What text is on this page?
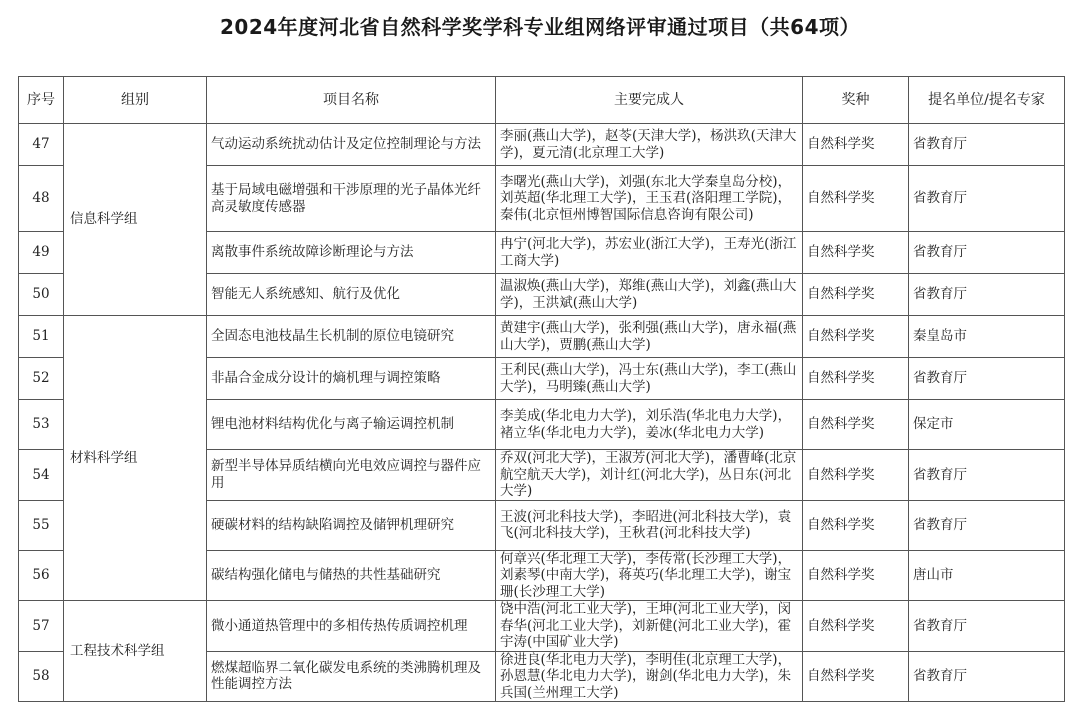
2024年度河北省自然科学奖学科专业组网络评审通过项目（共64项）
序号	组别	项目名称	主要完成人	奖种	提名单位/提名专家
47	信息科学组	气动运动系统扰动估计及定位控制理论与方法	李丽(燕山大学)，赵苓(天津大学)，杨洪玖(天津大学)，夏元清(北京理工大学)	自然科学奖	省教育厅
48		基于局域电磁增强和干涉原理的光子晶体光纤高灵敏度传感器	李曙光(燕山大学)，刘强(东北大学秦皇岛分校)，刘英超(华北理工大学)，王玉君(洛阳理工学院)，秦伟(北京恒州博智国际信息咨询有限公司)	自然科学奖	省教育厅
49		离散事件系统故障诊断理论与方法	冉宁(河北大学)，苏宏业(浙江大学)，王寿光(浙江工商大学)	自然科学奖	省教育厅
50		智能无人系统感知、航行及优化	温淑焕(燕山大学)，郑维(燕山大学)，刘鑫(燕山大学)，王洪斌(燕山大学)	自然科学奖	省教育厅
51	材料科学组	全固态电池枝晶生长机制的原位电镜研究	黄建宇(燕山大学)，张利强(燕山大学)，唐永福(燕山大学)，贾鹏(燕山大学)	自然科学奖	秦皇岛市
52		非晶合金成分设计的熵机理与调控策略	王利民(燕山大学)，冯士东(燕山大学)，李工(燕山大学)，马明臻(燕山大学)	自然科学奖	省教育厅
53		锂电池材料结构优化与离子输运调控机制	李美成(华北电力大学)，刘乐浩(华北电力大学)，褚立华(华北电力大学)，姜冰(华北电力大学)	自然科学奖	保定市
54		新型半导体异质结横向光电效应调控与器件应用	乔双(河北大学)，王淑芳(河北大学)，潘曹峰(北京航空航天大学)，刘计红(河北大学)，丛日东(河北大学)	自然科学奖	省教育厅
55		硬碳材料的结构缺陷调控及储钾机理研究	王波(河北科技大学)，李昭进(河北科技大学)，袁飞(河北科技大学)，王秋君(河北科技大学)	自然科学奖	省教育厅
56		碳结构强化储电与储热的共性基础研究	何章兴(华北理工大学)，李传常(长沙理工大学)，刘素琴(中南大学)，蒋英巧(华北理工大学)，谢宝珊(长沙理工大学)	自然科学奖	唐山市
57	工程技术科学组	微小通道热管理中的多相传热传质调控机理	饶中浩(河北工业大学)，王坤(河北工业大学)，闵春华(河北工业大学)，刘新健(河北工业大学)，霍宇涛(中国矿业大学)	自然科学奖	省教育厅
58		燃煤超临界二氧化碳发电系统的类沸腾机理及性能调控方法	徐进良(华北电力大学)，李明佳(北京理工大学)，孙恩慧(华北电力大学)，谢剑(华北电力大学)，朱兵国(兰州理工大学)	自然科学奖	省教育厅
